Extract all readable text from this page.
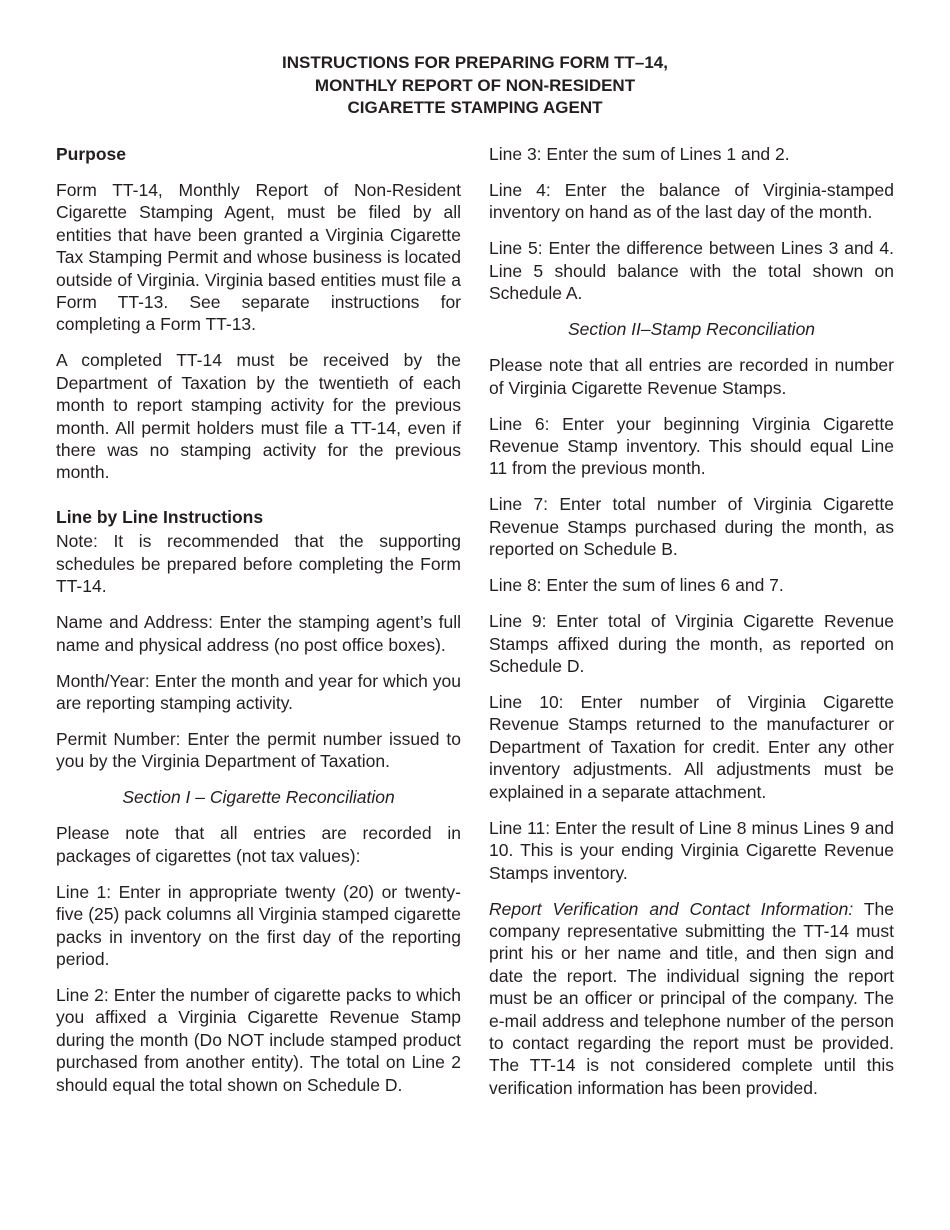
INSTRUCTIONS FOR PREPARING FORM TT–14,
MONTHLY REPORT OF NON-RESIDENT
CIGARETTE STAMPING AGENT
Purpose

Form TT-14, Monthly Report of Non-Resident Cigarette Stamping Agent, must be filed by all entities that have been granted a Virginia Cigarette Tax Stamping Permit and whose business is located outside of Virginia. Virginia based entities must file a Form TT-13. See separate instructions for completing a Form TT-13.

A completed TT-14 must be received by the Department of Taxation by the twentieth of each month to report stamping activity for the previous month. All permit holders must file a TT-14, even if there was no stamping activity for the previous month.

Line by Line Instructions

Note: It is recommended that the supporting schedules be prepared before completing the Form TT-14.

Name and Address: Enter the stamping agent’s full name and physical address (no post office boxes).

Month/Year: Enter the month and year for which you are reporting stamping activity.

Permit Number: Enter the permit number issued to you by the Virginia Department of Taxation.

Section I – Cigarette Reconciliation

Please note that all entries are recorded in packages of cigarettes (not tax values):

Line 1: Enter in appropriate twenty (20) or twenty-five (25) pack columns all Virginia stamped cigarette packs in inventory on the first day of the reporting period.

Line 2: Enter the number of cigarette packs to which you affixed a Virginia Cigarette Revenue Stamp during the month (Do NOT include stamped product purchased from another entity). The total on Line 2 should equal the total shown on Schedule D.

Line 3: Enter the sum of Lines 1 and 2.

Line 4: Enter the balance of Virginia-stamped inventory on hand as of the last day of the month.

Line 5: Enter the difference between Lines 3 and 4. Line 5 should balance with the total shown on Schedule A.

Section II–Stamp Reconciliation

Please note that all entries are recorded in number of Virginia Cigarette Revenue Stamps.

Line 6: Enter your beginning Virginia Cigarette Revenue Stamp inventory. This should equal Line 11 from the previous month.

Line 7: Enter total number of Virginia Cigarette Revenue Stamps purchased during the month, as reported on Schedule B.

Line 8: Enter the sum of lines 6 and 7.

Line 9: Enter total of Virginia Cigarette Revenue Stamps affixed during the month, as reported on Schedule D.

Line 10: Enter number of Virginia Cigarette Revenue Stamps returned to the manufacturer or Department of Taxation for credit. Enter any other inventory adjustments. All adjustments must be explained in a separate attachment.

Line 11: Enter the result of Line 8 minus Lines 9 and 10. This is your ending Virginia Cigarette Revenue Stamps inventory.

Report Verification and Contact Information: The company representative submitting the TT-14 must print his or her name and title, and then sign and date the report. The individual signing the report must be an officer or principal of the company. The e-mail address and telephone number of the person to contact regarding the report must be provided. The TT-14 is not considered complete until this verification information has been provided.
